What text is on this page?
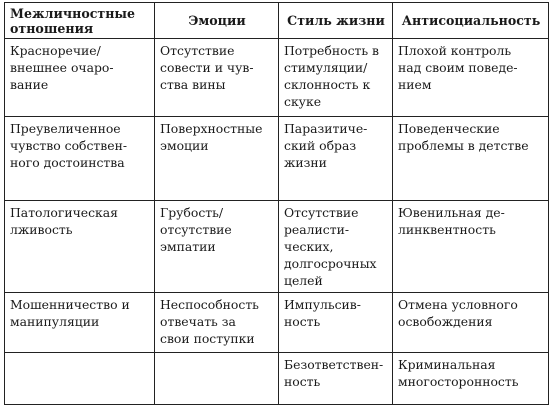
Межличностные
отношения	Эмоции	Стиль жизни	Антисоциальность
Красноречие/
внешнее очаро-
вание	Отсутствие
совести и чув-
ства вины	Потребность в
стимуляции/
склонность к
скуке	Плохой контроль
над своим поведе-
нием
Преувеличенное
чувство собствен-
ного достоинства	Поверхностные
эмоции	Паразитиче-
ский образ
жизни	Поведенческие
проблемы в детстве
Патологическая
лживость	Грубость/
отсутствие
эмпатии	Отсутствие
реалисти-
ческих,
долгосрочных
целей	Ювенильная де-
линквентность
Мошенничество и
манипуляции	Неспособность
отвечать за
свои поступки	Импульсив-
ность	Отмена условного
освобождения
		Безответствен-
ность	Криминальная
многосторонность
